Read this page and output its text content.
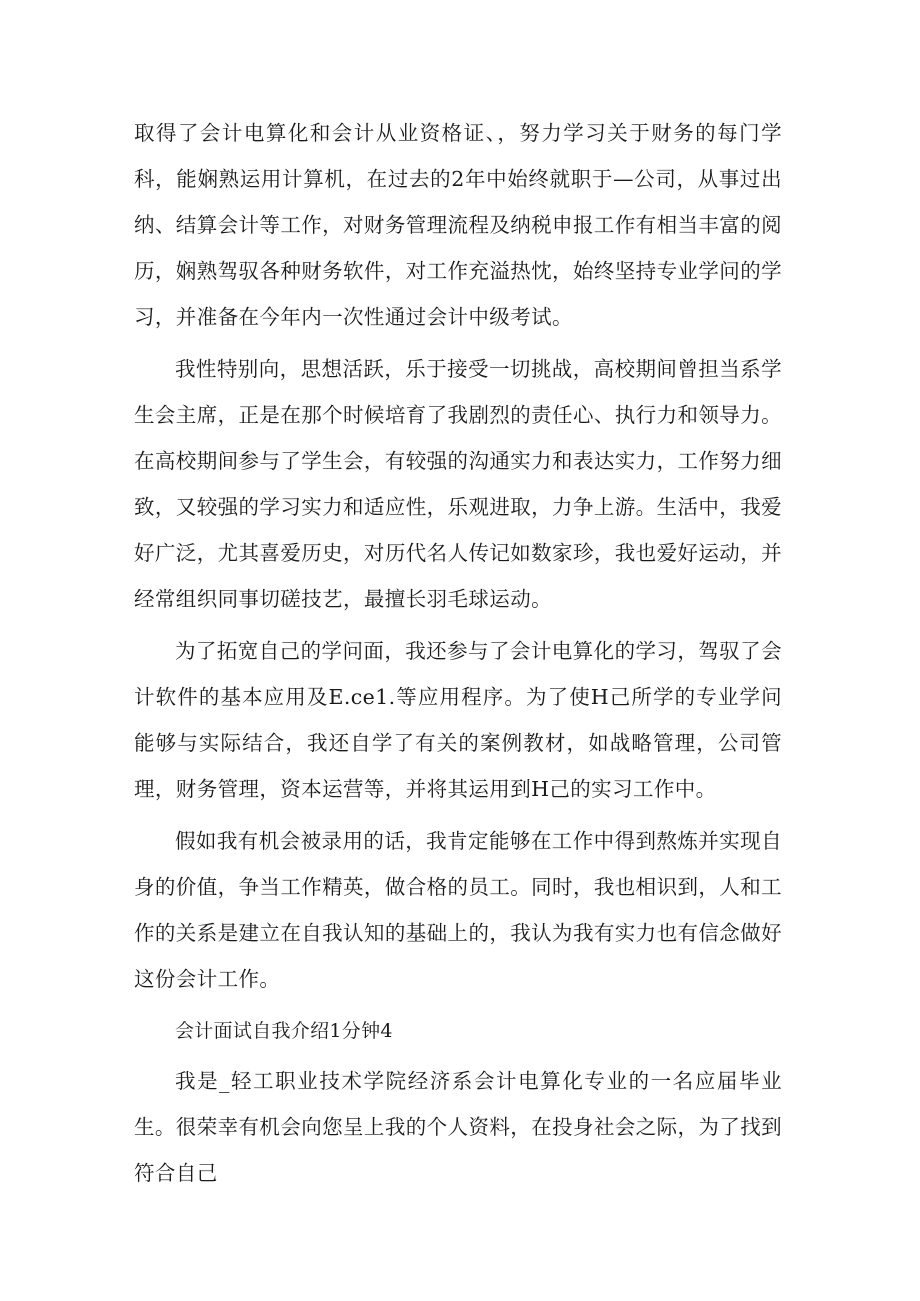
取得了会计电算化和会计从业资格证、，努力学习关于财务的每门学科，能娴熟运用计算机，在过去的2年中始终就职于—公司，从事过出纳、结算会计等工作，对财务管理流程及纳税申报工作有相当丰富的阅历，娴熟驾驭各种财务软件，对工作充溢热忱，始终坚持专业学问的学习，并准备在今年内一次性通过会计中级考试。

我性特别向，思想活跃，乐于接受一切挑战，高校期间曾担当系学生会主席，正是在那个时候培育了我剧烈的责任心、执行力和领导力。在高校期间参与了学生会，有较强的沟通实力和表达实力，工作努力细致，又较强的学习实力和适应性，乐观进取，力争上游。生活中，我爱好广泛，尤其喜爱历史，对历代名人传记如数家珍，我也爱好运动，并经常组织同事切磋技艺，最擅长羽毛球运动。

为了拓宽自己的学问面，我还参与了会计电算化的学习，驾驭了会计软件的基本应用及E.ce1.等应用程序。为了使H己所学的专业学问能够与实际结合，我还自学了有关的案例教材，如战略管理，公司管理，财务管理，资本运营等，并将其运用到H己的实习工作中。

假如我有机会被录用的话，我肯定能够在工作中得到熬炼并实现自身的价值，争当工作精英，做合格的员工。同时，我也相识到，人和工作的关系是建立在自我认知的基础上的，我认为我有实力也有信念做好这份会计工作。

会计面试自我介绍1分钟4

我是_轻工职业技术学院经济系会计电算化专业的一名应届毕业生。很荣幸有机会向您呈上我的个人资料，在投身社会之际，为了找到符合自己
